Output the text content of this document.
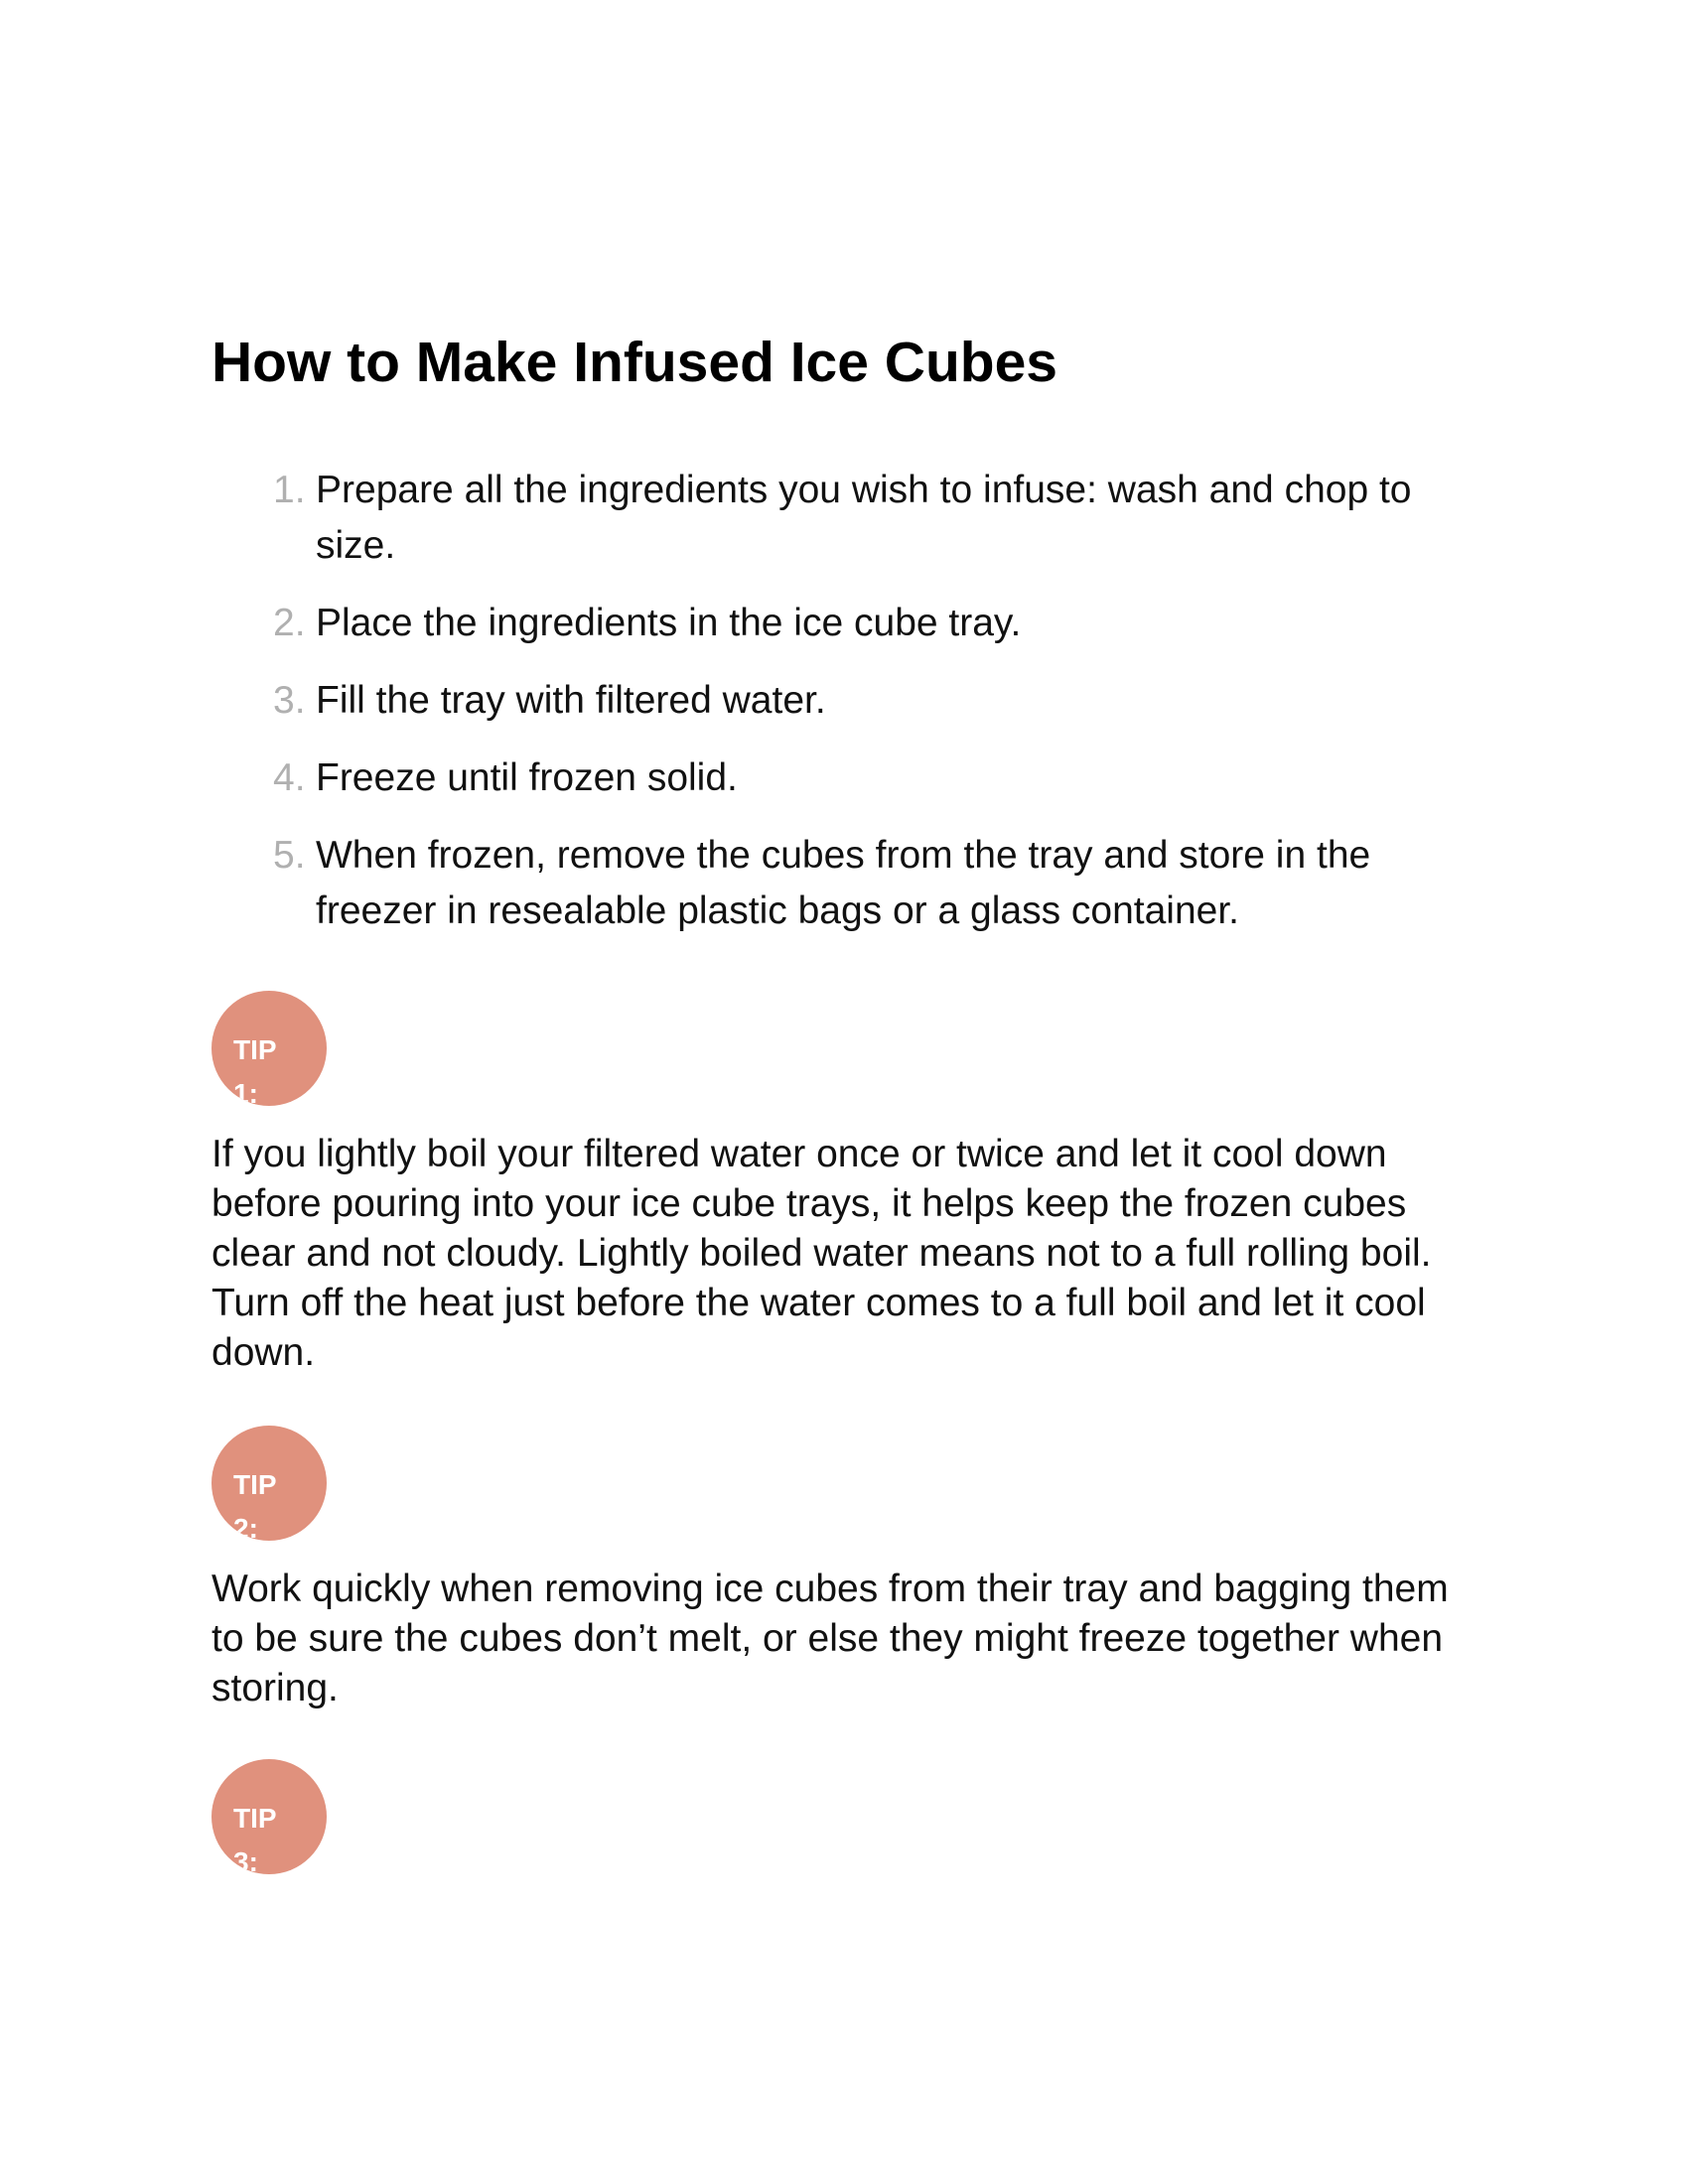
How to Make Infused Ice Cubes
1. Prepare all the ingredients you wish to infuse: wash and chop to size.
2. Place the ingredients in the ice cube tray.
3. Fill the tray with filtered water.
4. Freeze until frozen solid.
5. When frozen, remove the cubes from the tray and store in the freezer in resealable plastic bags or a glass container.
TIP 1:

If you lightly boil your filtered water once or twice and let it cool down before pouring into your ice cube trays, it helps keep the frozen cubes clear and not cloudy. Lightly boiled water means not to a full rolling boil. Turn off the heat just before the water comes to a full boil and let it cool down.

TIP 2:

Work quickly when removing ice cubes from their tray and bagging them to be sure the cubes don’t melt, or else they might freeze together when storing.

TIP 3:
